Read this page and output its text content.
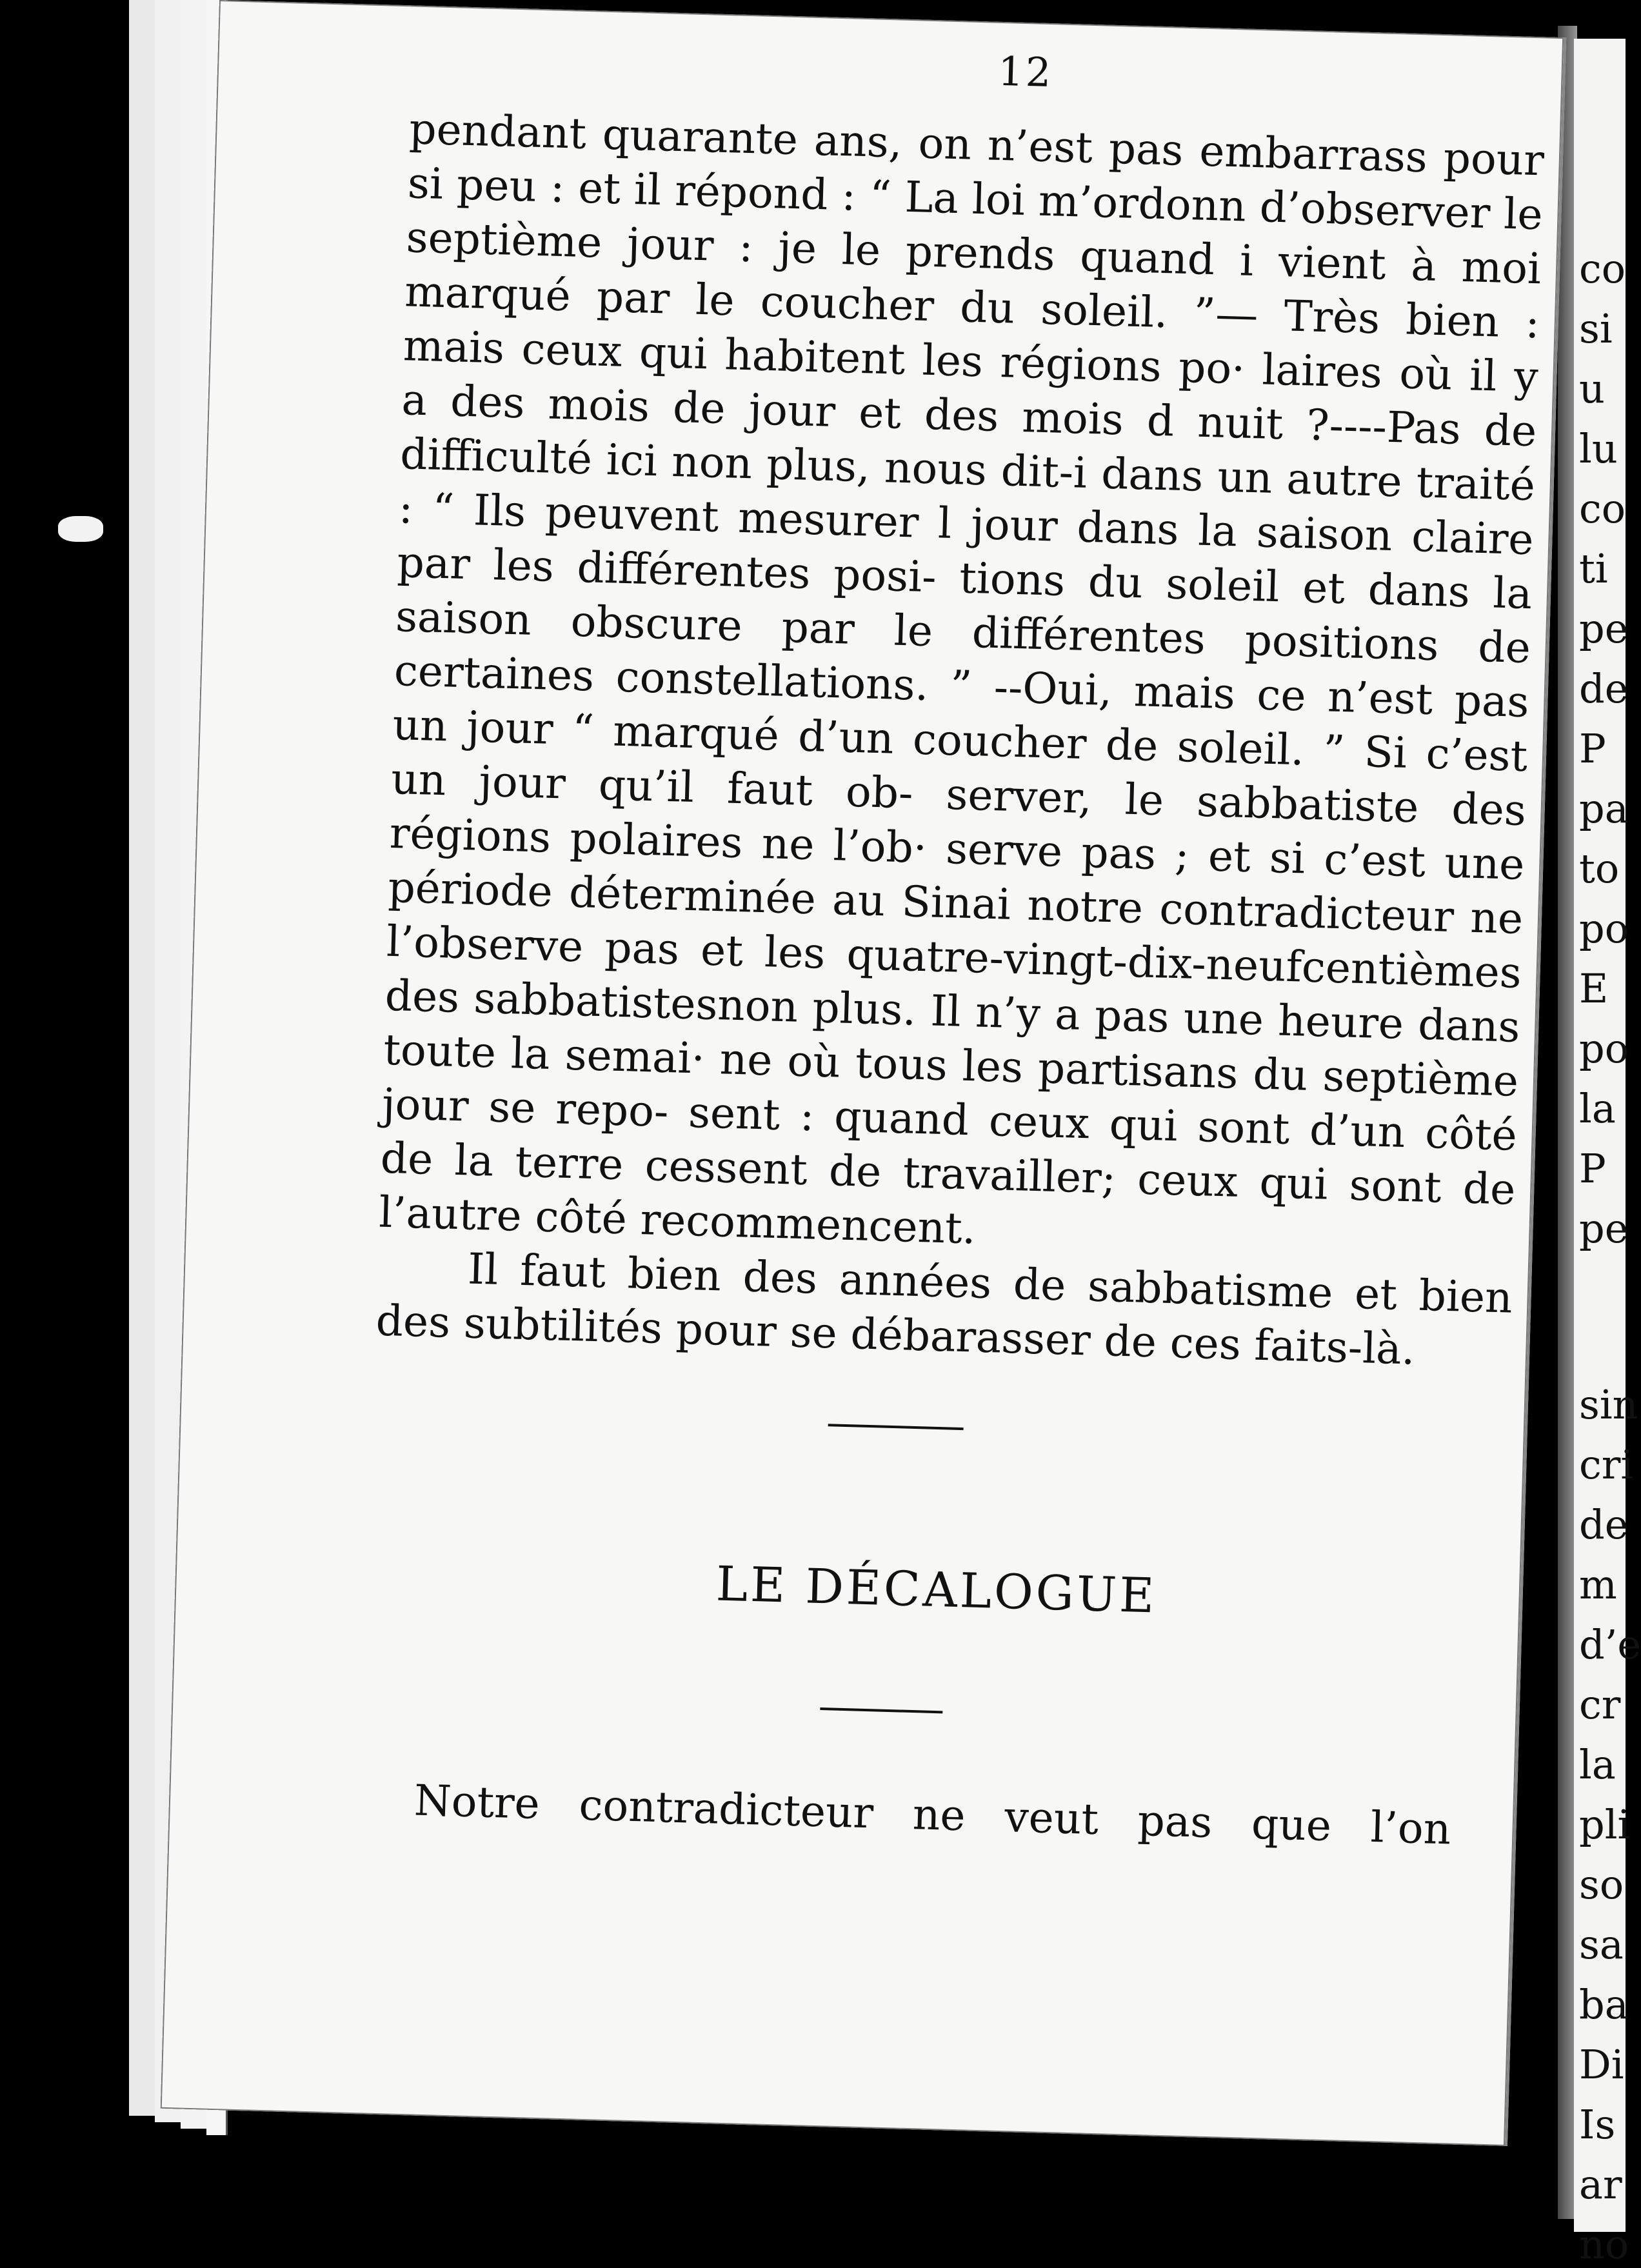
co
si
u
lu
co
ti
pe
de
P
pa
to
po
E
po
la
P
pe
sin
cri
de
m
d’e
cr
la
pli
so
sa
ba
Di
Is
ar
no
12

pendant quarante ans, on n’est pas embarrass pour si peu : et il répond : “ La loi m’ordonn d’observer le septième jour : je le prends quand i vient à moi marqué par le coucher du soleil. ”— Très bien : mais ceux qui habitent les régions po· laires où il y a des mois de jour et des mois d nuit ?----Pas de difficulté ici non plus, nous dit-i dans un autre traité : “ Ils peuvent mesurer l jour dans la saison claire par les différentes posi- tions du soleil et dans la saison obscure par le différentes positions de certaines constellations. ” --Oui, mais ce n’est pas un jour “ marqué d’un coucher de soleil. ” Si c’est un jour qu’il faut ob- server, le sabbatiste des régions polaires ne l’ob· serve pas ; et si c’est une période déterminée au Sinai notre contradicteur ne l’observe pas et les quatre-vingt-dix-neufcentièmes des sabbatistesnon plus. Il n’y a pas une heure dans toute la semai· ne où tous les partisans du septième jour se repo- sent : quand ceux qui sont d’un côté de la terre cessent de travailler; ceux qui sont de l’autre côté recommencent.

Il faut bien des années de sabbatisme et bien des subtilités pour se débarasser de ces faits-là.

LE DÉCALOGUE
Notre contradicteur ne veut pas que l’on
